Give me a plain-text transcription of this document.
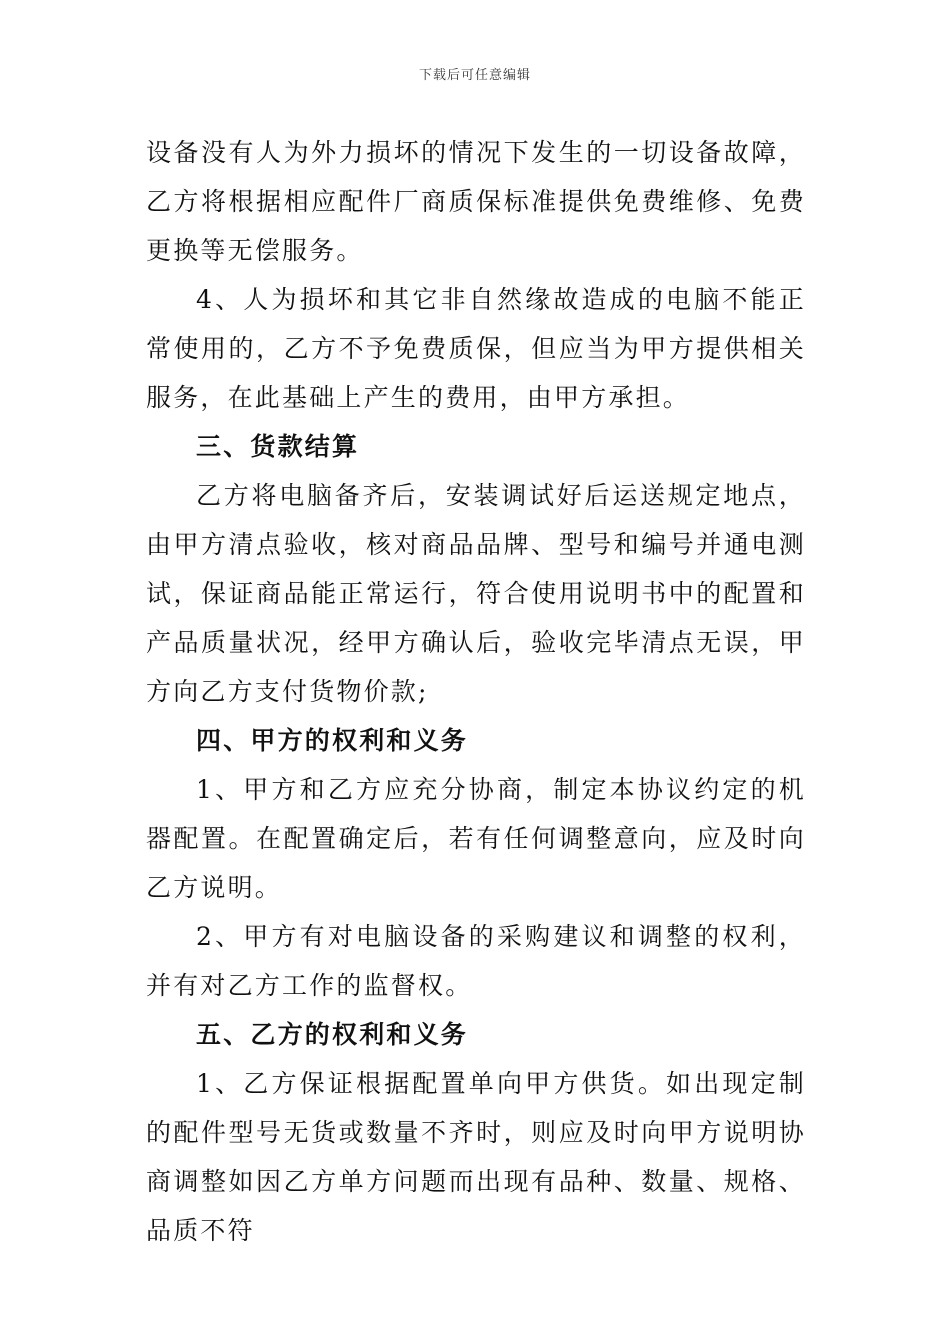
下载后可任意编辑

设备没有人为外力损坏的情况下发生的一切设备故障，乙方将根据相应配件厂商质保标准提供免费维修、免费更换等无偿服务。

4、人为损坏和其它非自然缘故造成的电脑不能正常使用的，乙方不予免费质保，但应当为甲方提供相关服务，在此基础上产生的费用，由甲方承担。

三、货款结算

乙方将电脑备齐后，安装调试好后运送规定地点，由甲方清点验收，核对商品品牌、型号和编号并通电测试，保证商品能正常运行，符合使用说明书中的配置和产品质量状况，经甲方确认后，验收完毕清点无误，甲方向乙方支付货物价款;

四、甲方的权利和义务

1、甲方和乙方应充分协商，制定本协议约定的机器配置。在配置确定后，若有任何调整意向，应及时向乙方说明。

2、甲方有对电脑设备的采购建议和调整的权利，并有对乙方工作的监督权。

五、乙方的权利和义务

1、乙方保证根据配置单向甲方供货。如出现定制的配件型号无货或数量不齐时，则应及时向甲方说明协商调整如因乙方单方问题而出现有品种、数量、规格、品质不符
